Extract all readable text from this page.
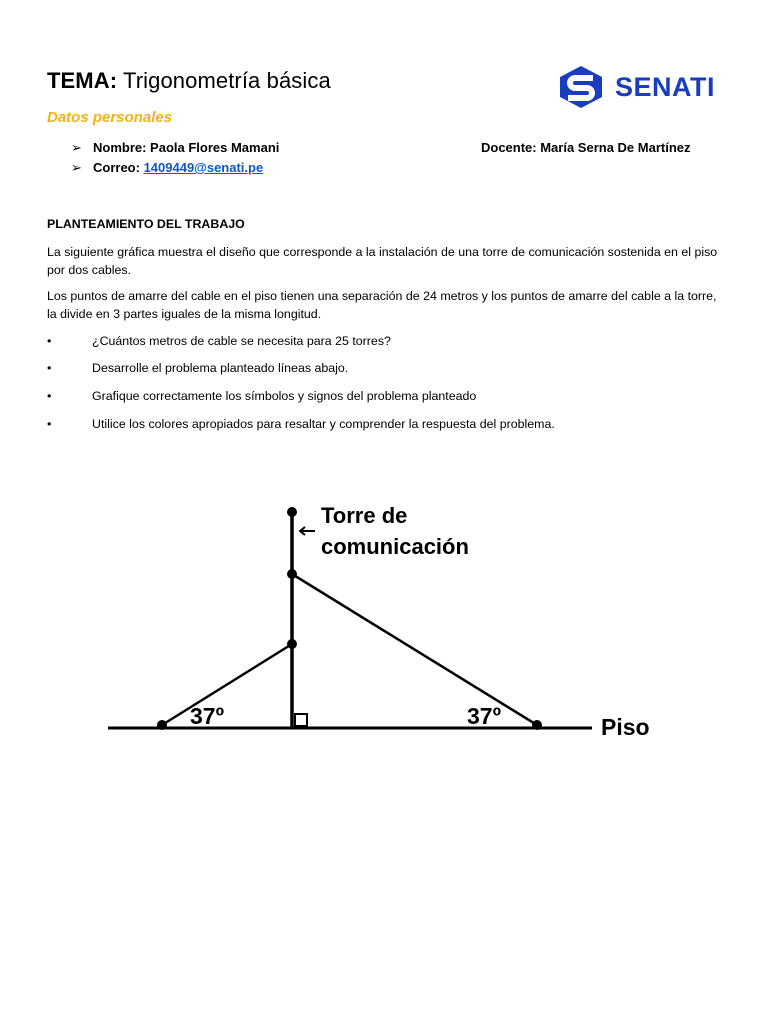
TEMA: Trigonometría básica	SENATI

Datos personales

➢ Nombre: Paola Flores Mamani	Docente: María Serna De Martínez
➢ Correo: 1409449@senati.pe
PLANTEAMIENTO DEL TRABAJO
La siguiente gráfica muestra el diseño que corresponde a la instalación de una torre de comunicación sostenida en el piso por dos cables.
Los puntos de amarre del cable en el piso tienen una separación de 24 metros y los puntos de amarre del cable a la torre, la divide en 3 partes iguales de la misma longitud.
•	¿Cuántos metros de cable se necesita para 25 torres?
•	Desarrolle el problema planteado líneas abajo.
•	Grafique correctamente los símbolos y signos del problema planteado
•	Utilice los colores apropiados para resaltar y comprender la respuesta del problema.
Torre de
comunicación
37º	37º	Piso
